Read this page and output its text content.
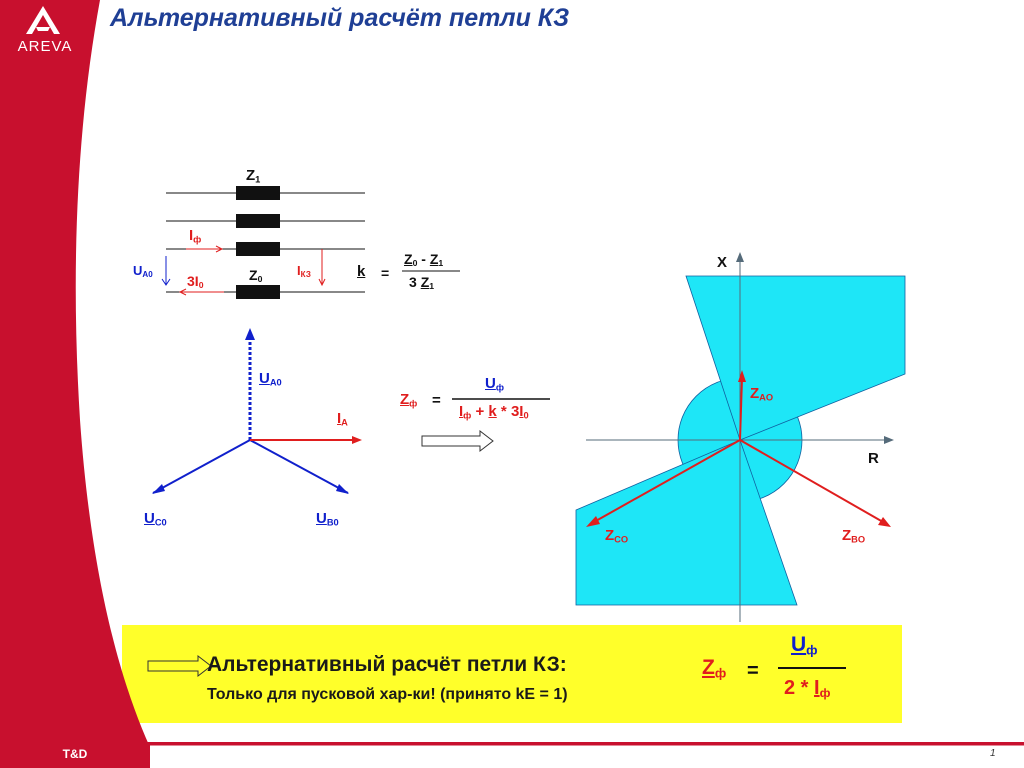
Альтернативный расчёт петли КЗ
AREVA
T&D	1
$Z_1$
$I_ф$
$U_{A0}$ $3I_0$
$Z_0$
$I_{КЗ}$	k =
$Z_0 - Z_1$
3 $Z_1$
$U_{A0}$
$I_A$
$U_{C0}$	$U_{B0}$
$Z_ф$ =
$U_ф$
$I_ф + k * 3I_0$
X
R
$Z_{AO}$
$Z_{CO}$	$Z_{BO}$
Альтернативный расчёт петли КЗ:
Только для пусковой хар-ки! (принято kE = 1)
$Z_ф$ =
$U_ф$
$2 * I_ф$
